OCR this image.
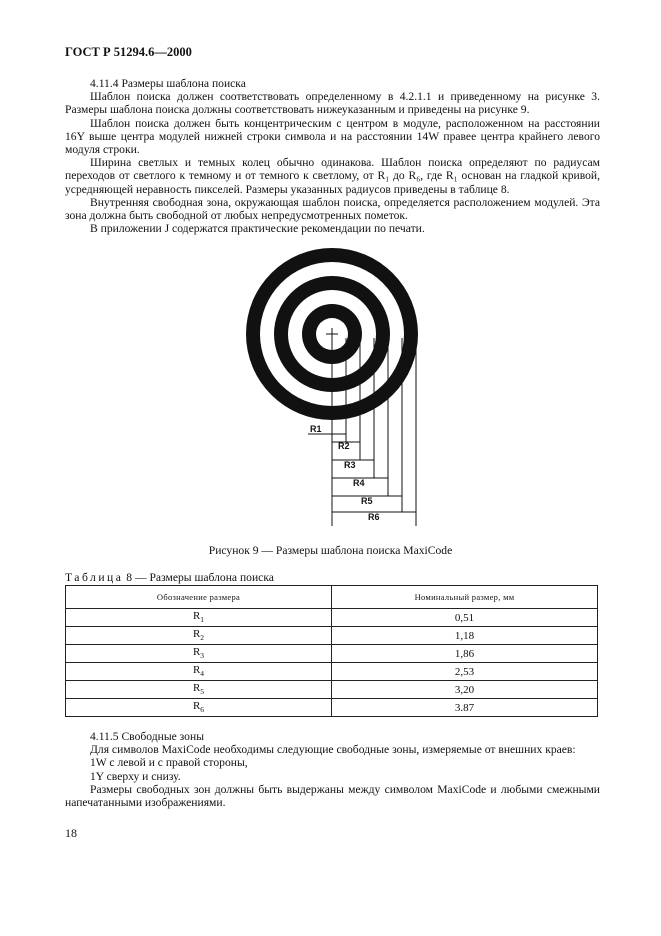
ГОСТ Р 51294.6—2000

4.11.4 Размеры шаблона поиска

Шаблон поиска должен соответствовать определенному в 4.2.1.1 и приведенному на рисунке 3. Размеры шаблона поиска должны соответствовать нижеуказанным и приведены на рисунке 9.

Шаблон поиска должен быть концентрическим с центром в модуле, расположенном на расстоянии 16Y выше центра модулей нижней строки символа и на расстоянии 14W правее центра крайнего левого модуля строки.

Ширина светлых и темных колец обычно одинакова. Шаблон поиска определяют по радиусам переходов от светлого к темному и от темного к светлому, от R₁ до R₆, где R₁ основан на гладкой кривой, усредняющей неравность пикселей. Размеры указанных радиусов приведены в таблице 8.

Внутренняя свободная зона, окружающая шаблон поиска, определяется расположением модулей. Эта зона должна быть свободной от любых непредусмотренных пометок.

В приложении J содержатся практические рекомендации по печати.

R1
R2
R3
R4
R5
R6
Рисунок 9 — Размеры шаблона поиска MaxiCode
Таблица 8 — Размеры шаблона поиска
Обозначение размера	Номинальный размер, мм
$R_1$	0,51
$R_2$	1,18
$R_3$	1,86
$R_4$	2,53
$R_5$	3,20
$R_6$	3.87

4.11.5 Свободные зоны

Для символов MaxiCode необходимы следующие свободные зоны, измеряемые от внешних краев:

1W с левой и с правой стороны,

1Y сверху и снизу.

Размеры свободных зон должны быть выдержаны между символом MaxiCode и любыми смежными напечатанными изображениями.

18
